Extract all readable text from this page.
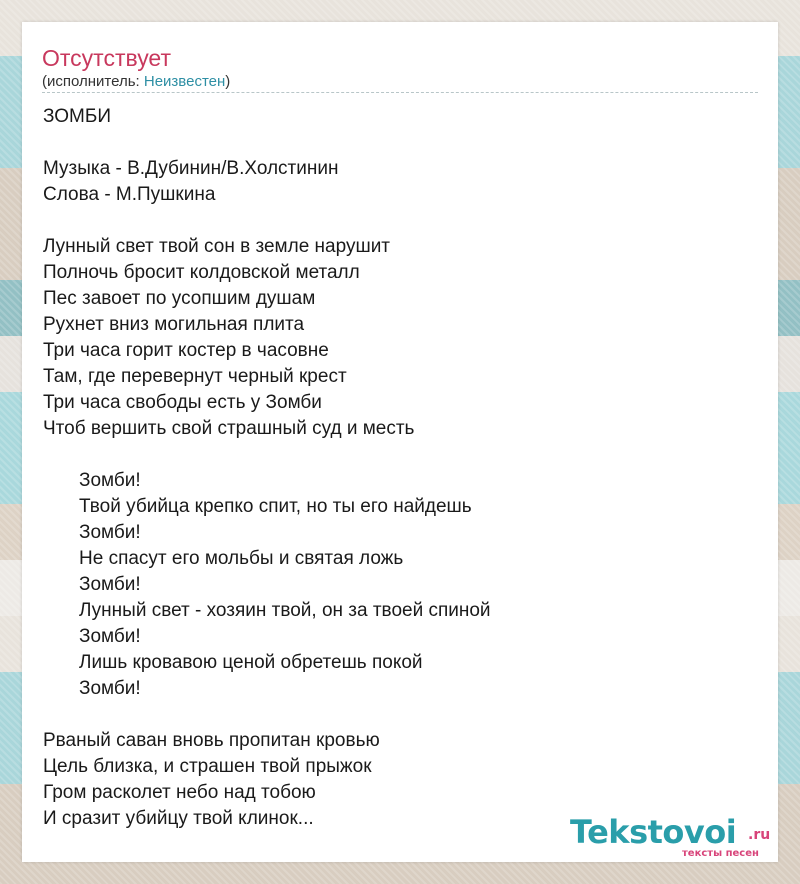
Отсутствует
(исполнитель: Неизвестен)
ЗОМБИ
Музыка - В.Дубинин/В.Холстинин
Слова - М.Пушкина
Лунный свет твой сон в земле нарушит
Полночь бросит колдовской металл
Пес завоет по усопшим душам
Рухнет вниз могильная плита
Три часа горит костер в часовне
Там, где перевернут черный крест
Три часа свободы есть у Зомби
Чтоб вершить свой страшный суд и месть
Зомби!
Твой убийца крепко спит, но ты его найдешь
Зомби!
Не спасут его мольбы и святая ложь
Зомби!
Лунный свет - хозяин твой, он за твоей спиной
Зомби!
Лишь кровавою ценой обретешь покой
Зомби!
Рваный саван вновь пропитан кровью
Цель близка, и страшен твой прыжок
Гром расколет небо над тобою
И сразит убийцу твой клинок...	Tekstovoi .ru
тексты песен
